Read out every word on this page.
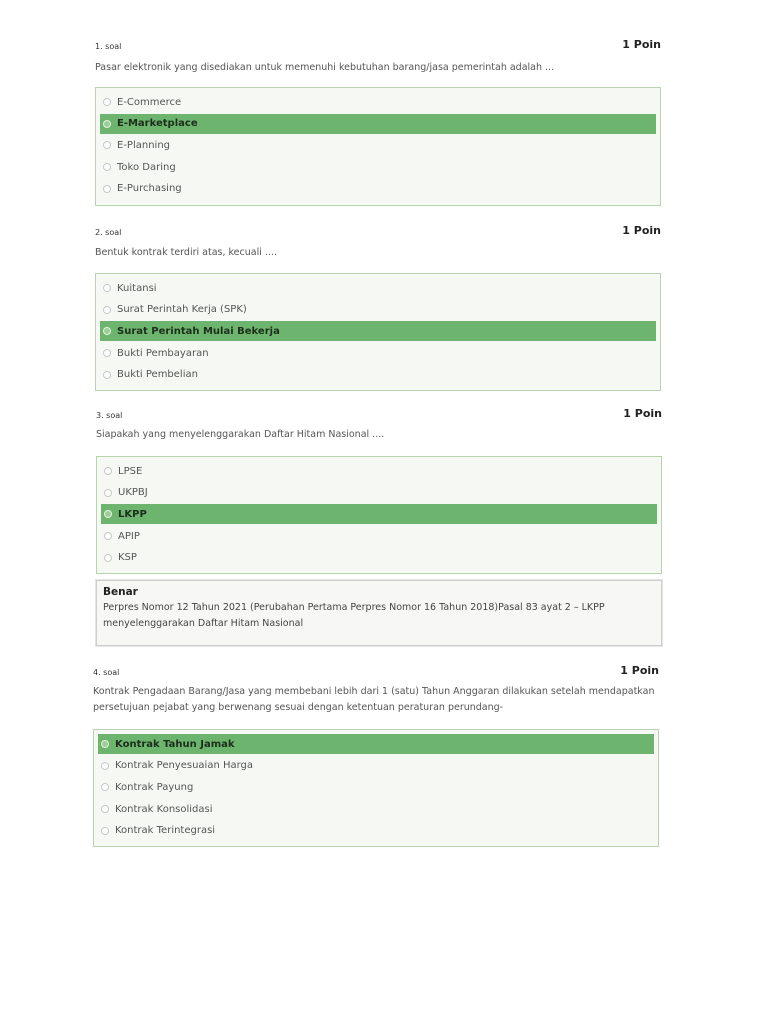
1. soal	1 Poin
Pasar elektronik yang disediakan untuk memenuhi kebutuhan barang/jasa pemerintah adalah ...
E-Commerce
E-Marketplace
E-Planning
Toko Daring
E-Purchasing
2. soal	1 Poin
Bentuk kontrak terdiri atas, kecuali ....
Kuitansi
Surat Perintah Kerja (SPK)
Surat Perintah Mulai Bekerja
Bukti Pembayaran
Bukti Pembelian
3. soal	1 Poin
Siapakah yang menyelenggarakan Daftar Hitam Nasional ....
LPSE
UKPBJ
LKPP
APIP
KSP
Benar
Perpres Nomor 12 Tahun 2021 (Perubahan Pertama Perpres Nomor 16 Tahun 2018)Pasal 83 ayat 2 – LKPP menyelenggarakan Daftar Hitam Nasional
4. soal	1 Poin
Kontrak Pengadaan Barang/Jasa yang membebani lebih dari 1 (satu) Tahun Anggaran dilakukan setelah mendapatkan persetujuan pejabat yang berwenang sesuai dengan ketentuan peraturan perundang-
Kontrak Tahun Jamak
Kontrak Penyesuaian Harga
Kontrak Payung
Kontrak Konsolidasi
Kontrak Terintegrasi
